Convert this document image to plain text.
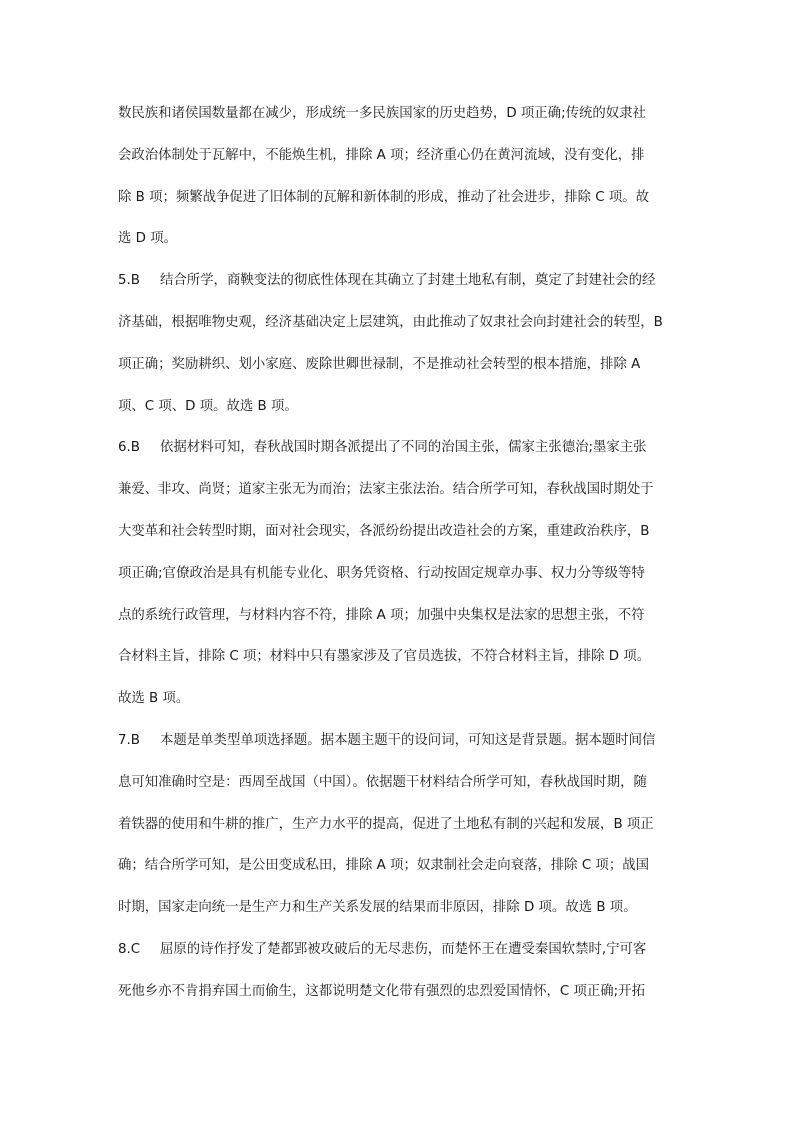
数民族和诸侯国数量都在减少，形成统一多民族国家的历史趋势，D 项正确;传统的奴隶社
会政治体制处于瓦解中，不能焕生机，排除 A 项；经济重心仍在黄河流域，没有变化，排
除 B 项；频繁战争促进了旧体制的瓦解和新体制的形成，推动了社会进步，排除 C 项。故
选 D 项。
5.B 结合所学，商鞅变法的彻底性体现在其确立了封建土地私有制，奠定了封建社会的经
济基础，根据唯物史观，经济基础决定上层建筑，由此推动了奴隶社会向封建社会的转型，B
项正确；奖励耕织、划小家庭、废除世卿世禄制，不是推动社会转型的根本措施，排除 A
项、C 项、D 项。故选 B 项。
6.B 依据材料可知，春秋战国时期各派提出了不同的治国主张，儒家主张德治;墨家主张
兼爱、非攻、尚贤；道家主张无为而治；法家主张法治。结合所学可知，春秋战国时期处于
大变革和社会转型时期，面对社会现实，各派纷纷提出改造社会的方案，重建政治秩序，B
项正确;官僚政治是具有机能专业化、职务凭资格、行动按固定规章办事、权力分等级等特
点的系统行政管理，与材料内容不符，排除 A 项；加强中央集权是法家的思想主张，不符
合材料主旨，排除 C 项；材料中只有墨家涉及了官员选拔，不符合材料主旨，排除 D 项。
故选 B 项。
7.B 本题是单类型单项选择题。据本题主题干的设问词，可知这是背景题。据本题时间信
息可知准确时空是：西周至战国（中国）。依据题干材料结合所学可知，春秋战国时期，随
着铁器的使用和牛耕的推广，生产力水平的提高，促进了土地私有制的兴起和发展，B 项正
确；结合所学可知，是公田变成私田，排除 A 项；奴隶制社会走向衰落，排除 C 项；战国
时期，国家走向统一是生产力和生产关系发展的结果而非原因，排除 D 项。故选 B 项。
8.C 屈原的诗作抒发了楚都郢被攻破后的无尽悲伤，而楚怀王在遭受秦国软禁时,宁可客
死他乡亦不肯捐弃国土而偷生，这都说明楚文化带有强烈的忠烈爱国情怀，C 项正确;开拓
